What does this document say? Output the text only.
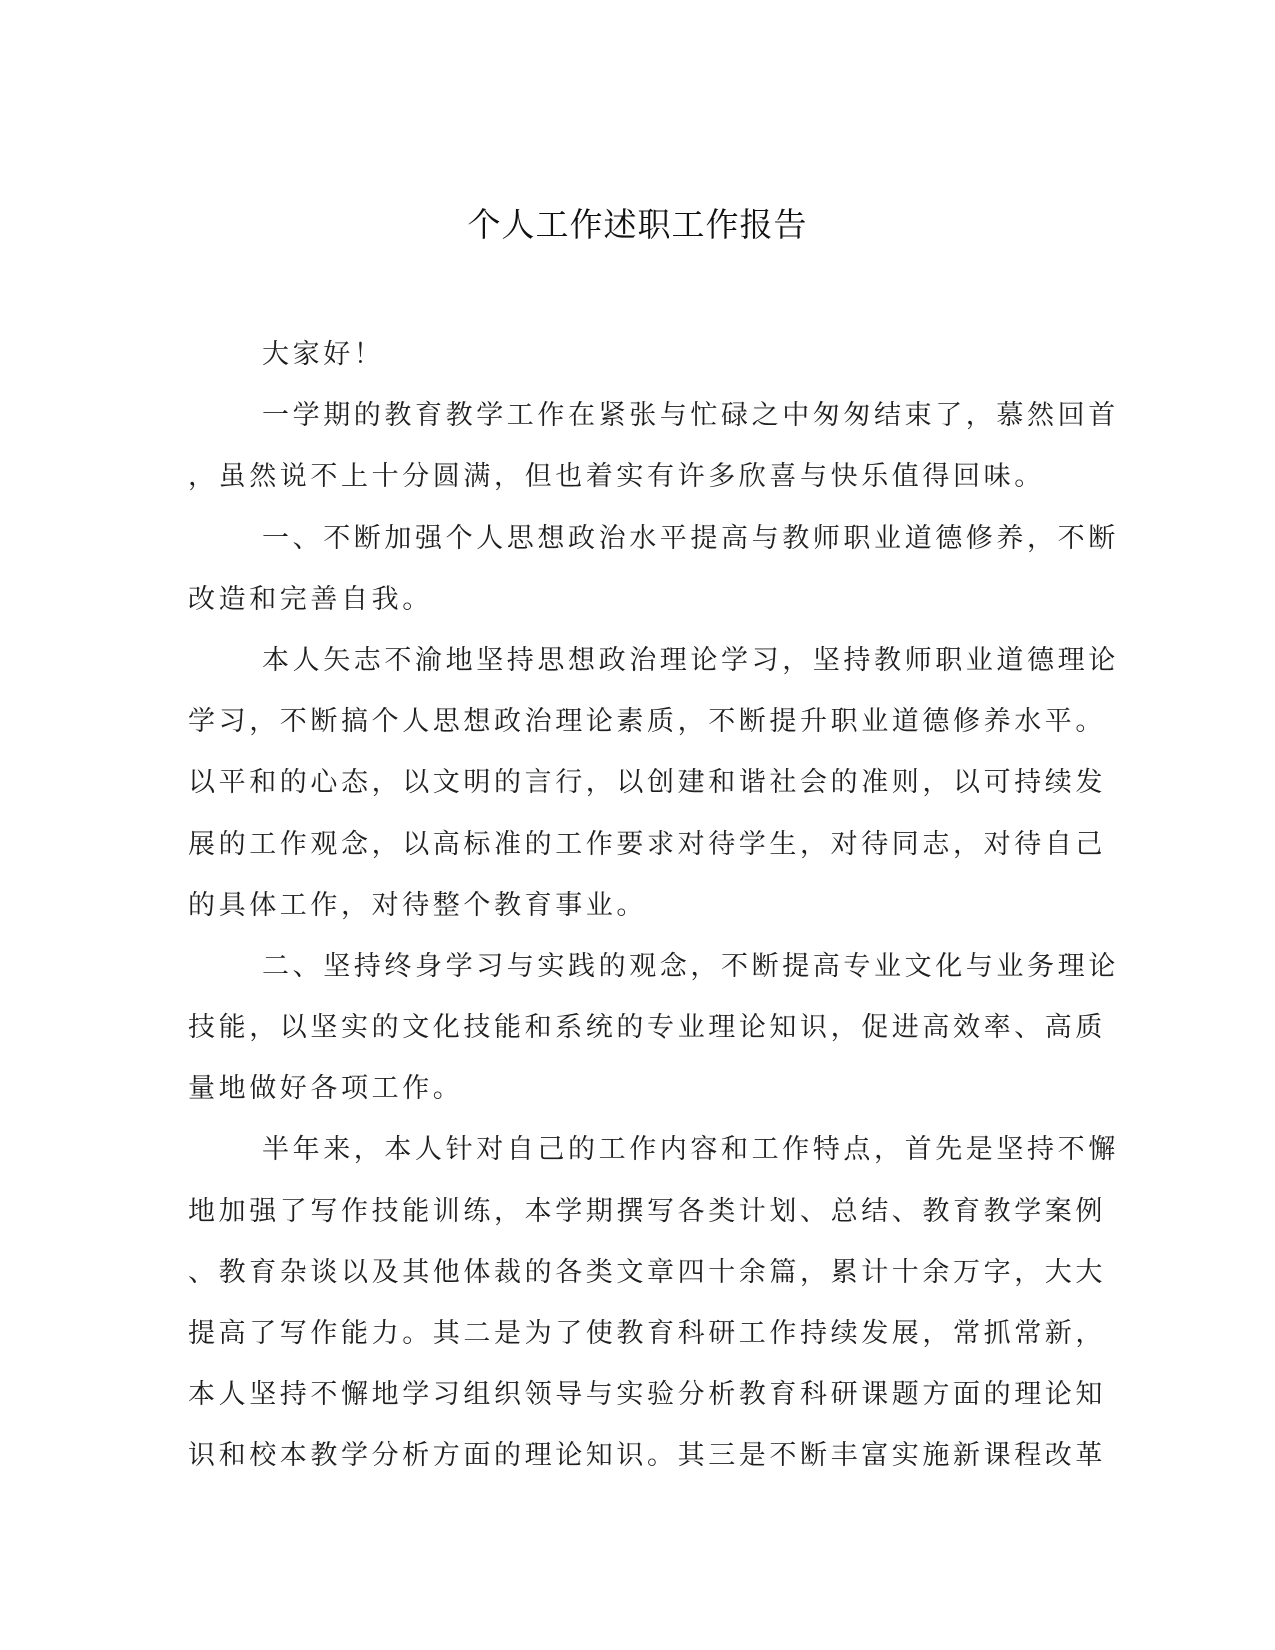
个人工作述职工作报告
大家好！
一学期的教育教学工作在紧张与忙碌之中匆匆结束了，慕然回首
，虽然说不上十分圆满，但也着实有许多欣喜与快乐值得回味。
一、不断加强个人思想政治水平提高与教师职业道德修养，不断
改造和完善自我。
本人矢志不渝地坚持思想政治理论学习，坚持教师职业道德理论
学习，不断搞个人思想政治理论素质，不断提升职业道德修养水平。
以平和的心态，以文明的言行，以创建和谐社会的准则，以可持续发
展的工作观念，以高标准的工作要求对待学生，对待同志，对待自己
的具体工作，对待整个教育事业。
二、坚持终身学习与实践的观念，不断提高专业文化与业务理论
技能，以坚实的文化技能和系统的专业理论知识，促进高效率、高质
量地做好各项工作。
半年来，本人针对自己的工作内容和工作特点，首先是坚持不懈
地加强了写作技能训练，本学期撰写各类计划、总结、教育教学案例
、教育杂谈以及其他体裁的各类文章四十余篇，累计十余万字，大大
提高了写作能力。其二是为了使教育科研工作持续发展，常抓常新，
本人坚持不懈地学习组织领导与实验分析教育科研课题方面的理论知
识和校本教学分析方面的理论知识。其三是不断丰富实施新课程改革
